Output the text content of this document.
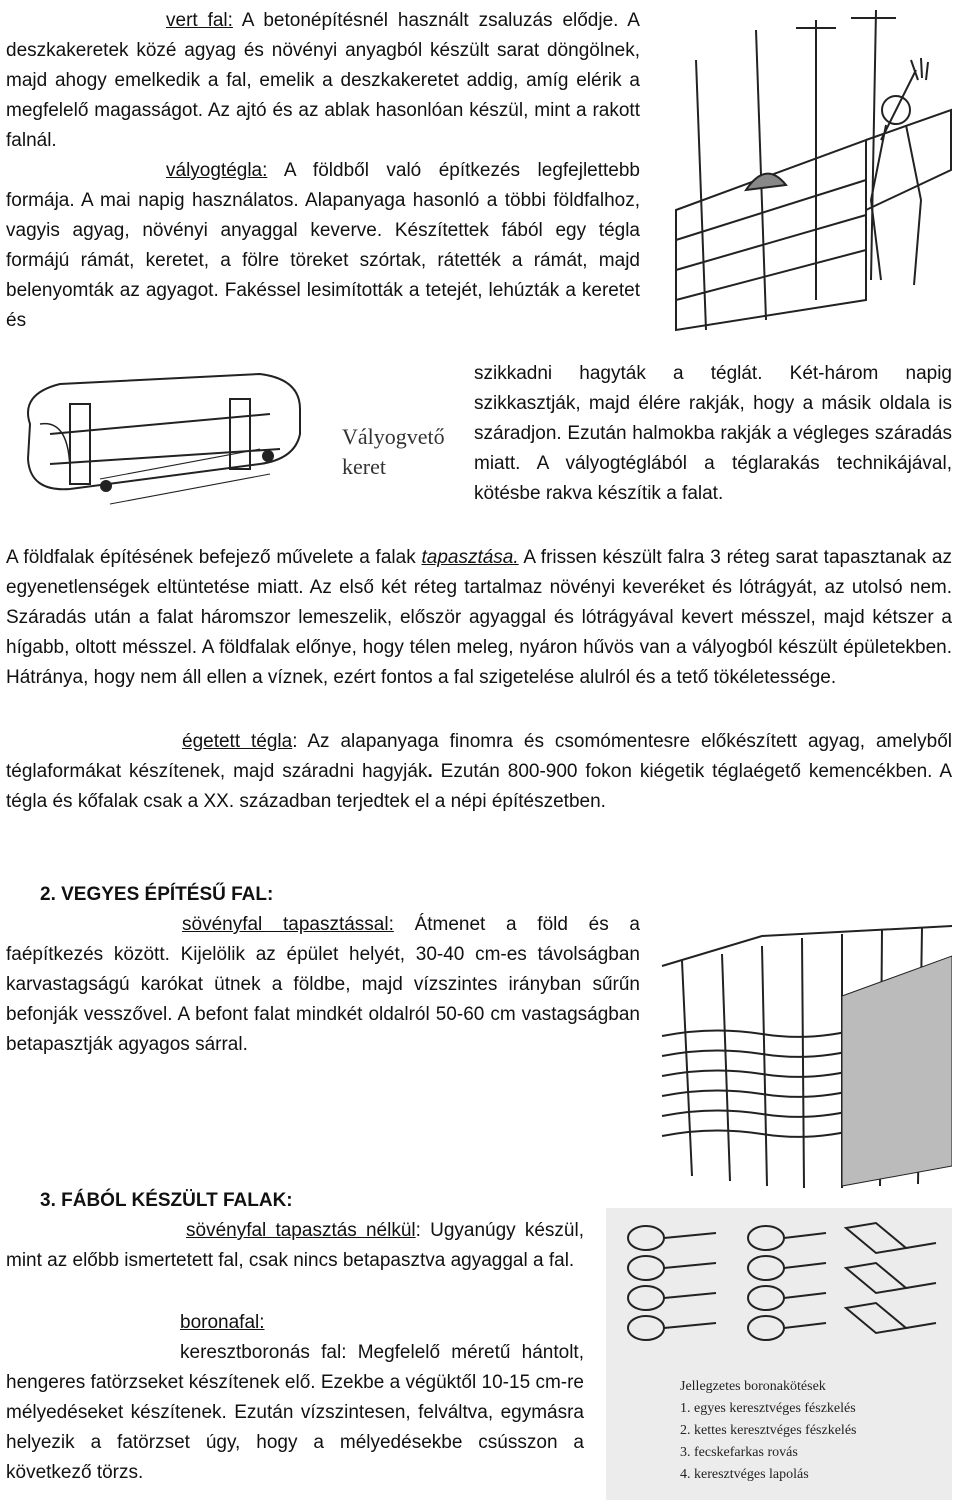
vert fal: A betonépítésnél használt zsaluzás elődje. A deszkakeretek közé agyag és növényi anyagból készült sarat döngölnek, majd ahogy emelkedik a fal, emelik a deszkakeretet addig, amíg elérik a megfelelő magasságot. Az ajtó és az ablak hasonlóan készül, mint a rakott falnál.

vályogtégla: A földből való építkezés legfejlettebb formája. A mai napig használatos. Alapanyaga hasonló a többi földfalhoz, vagyis agyag, növényi anyaggal keverve. Készítettek fából egy tégla formájú rámát, keretet, a fölre töreket szórtak, rátették a rámát, majd belenyomták az agyagot. Fakéssel lesimították a tetejét, lehúzták a keretet és

szikkadni hagyták a téglát. Két-három napig szikkasztják, majd élére rakják, hogy a másik oldala is száradjon. Ezután halmokba rakják a végleges száradás miatt. A vályogtéglából a téglarakás technikájával, kötésbe rakva készítik a falat.

Vályogvető
keret

A földfalak építésének befejező művelete a falak tapasztása. A frissen készült falra 3 réteg sarat tapasztanak az egyenetlenségek eltüntetése miatt. Az első két réteg tartalmaz növényi keveréket és lótrágyát, az utolsó nem. Száradás után a falat háromszor lemeszelik, először agyaggal és lótrágyával kevert mésszel, majd kétszer a hígabb, oltott mésszel. A földfalak előnye, hogy télen meleg, nyáron hűvös van a vályogból készült épületekben. Hátránya, hogy nem áll ellen a víznek, ezért fontos a fal szigetelése alulról és a tető tökéletessége.

égetett tégla: Az alapanyaga finomra és csomómentesre előkészített agyag, amelyből téglaformákat készítenek, majd száradni hagyják. Ezután 800-900 fokon kiégetik téglaégető kemencékben. A tégla és kőfalak csak a XX. században terjedtek el a népi építészetben.

2. VEGYES ÉPÍTÉSŰ FAL:

sövényfal tapasztással: Átmenet a föld és a faépítkezés között. Kijelölik az épület helyét, 30-40 cm-es távolságban karvastagságú karókat ütnek a földbe, majd vízszintes irányban sűrűn befonják vesszővel. A befont falat mindkét oldalról 50-60 cm vastagságban betapasztják agyagos sárral.

3. FÁBÓL KÉSZÜLT FALAK:

sövényfal tapasztás nélkül: Ugyanúgy készül, mint az előbb ismertetett fal, csak nincs betapasztva agyaggal a fal.

boronafal:

keresztboronás fal: Megfelelő méretű hántolt, hengeres fatörzseket készítenek elő. Ezekbe a végüktől 10-15 cm-re mélyedéseket készítenek. Ezután vízszintesen, felváltva, egymásra helyezik a fatörzset úgy, hogy a mélyedésekbe csússzon a következő törzs.

Jellegzetes boronakötések
1. egyes keresztvéges fészkelés
2. kettes keresztvéges fészkelés
3. fecskefarkas rovás
4. keresztvéges lapolás
